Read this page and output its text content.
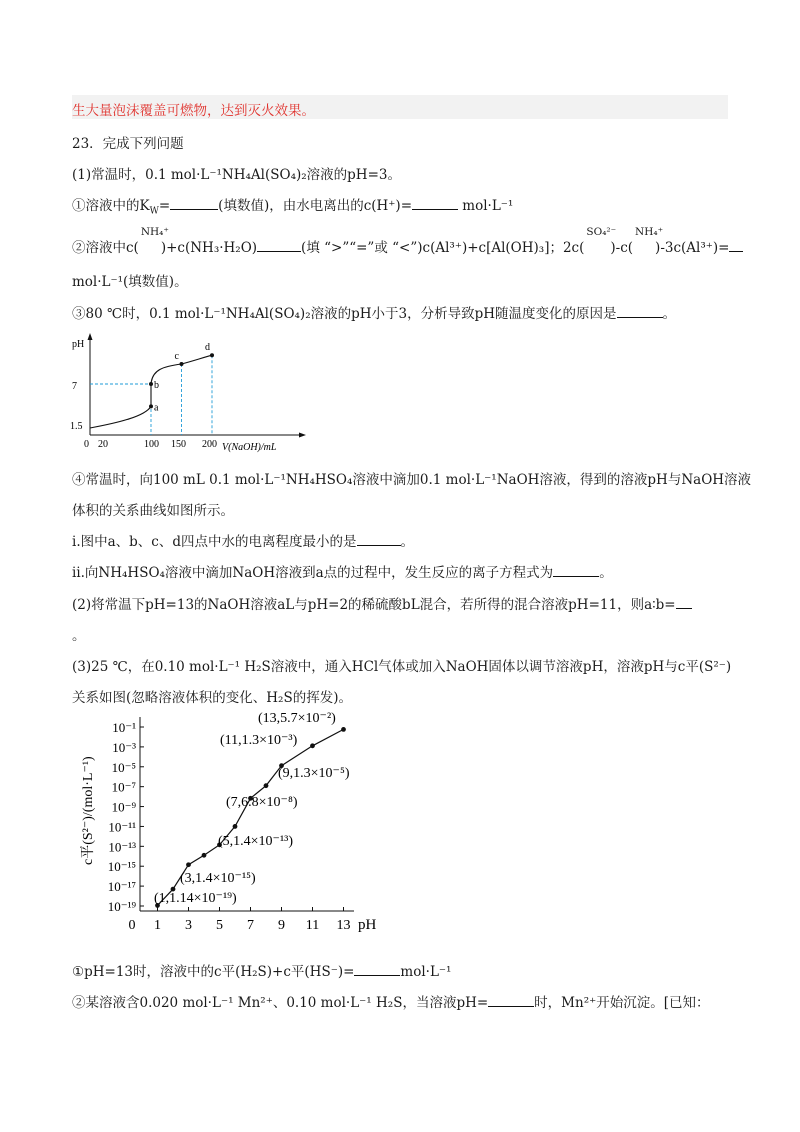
生大量泡沫覆盖可燃物，达到灭火效果。
23．完成下列问题
(1)常温时，0.1 mol·L⁻¹NH₄Al(SO₄)₂溶液的pH=3。
①溶液中的$K_W=$	(填数值)，由水电离出的c(H⁺)=	mol·L⁻¹
②溶液中c(
NH₄⁺
)+c(NH₃·H₂O)	(填 “>”“=”或 “<”)c(Al³⁺)+c[Al(OH)₃]；2c(
SO₄²⁻
)-c(
NH₄⁺
)-3c(Al³⁺)=
mol·L⁻¹(填数值)。
③80 ℃时，0.1 mol·L⁻¹NH₄Al(SO₄)₂溶液的pH小于3，分析导致pH随温度变化的原因是	。
a
b
c
d
pH
7
1.5
0 20	100 150 200 V(NaOH)/mL
④常温时，向100 mL 0.1 mol·L⁻¹NH₄HSO₄溶液中滴加0.1 mol·L⁻¹NaOH溶液，得到的溶液pH与NaOH溶液
体积的关系曲线如图所示。
ⅰ.图中a、b、c、d四点中水的电离程度最小的是	。
ⅱ.向NH₄HSO₄溶液中滴加NaOH溶液到a点的过程中，发生反应的离子方程式为	。
(2)将常温下pH=13的NaOH溶液aL与pH=2的稀硫酸bL混合，若所得的混合溶液pH=11，则a∶b=
。
(3)25 ℃，在0.10 mol·L⁻¹ H₂S溶液中，通入HCl气体或加入NaOH固体以调节溶液pH，溶液pH与c平(S²⁻)
关系如图(忽略溶液体积的变化、H₂S的挥发)。
10⁻¹
10⁻³
10⁻⁵
10⁻⁷
10⁻⁹
10⁻¹¹
10⁻¹³
10⁻¹⁵
10⁻¹⁷
10⁻¹⁹
0 1 3 5 7 9 11 13
(1,1.14×10⁻¹⁹)
(3,1.4×10⁻¹⁵)
(5,1.4×10⁻¹³)
(7,6.8×10⁻⁸)
(9,1.3×10⁻⁵)
(11,1.3×10⁻³)
(13,5.7×10⁻²)
pH
c平(S²⁻)/(mol·L⁻¹)
①pH=13时，溶液中的c平(H₂S)+c平(HS⁻)=	mol·L⁻¹
②某溶液含0.020 mol·L⁻¹ Mn²⁺、0.10 mol·L⁻¹ H₂S，当溶液pH=	时，Mn²⁺开始沉淀。[已知：
